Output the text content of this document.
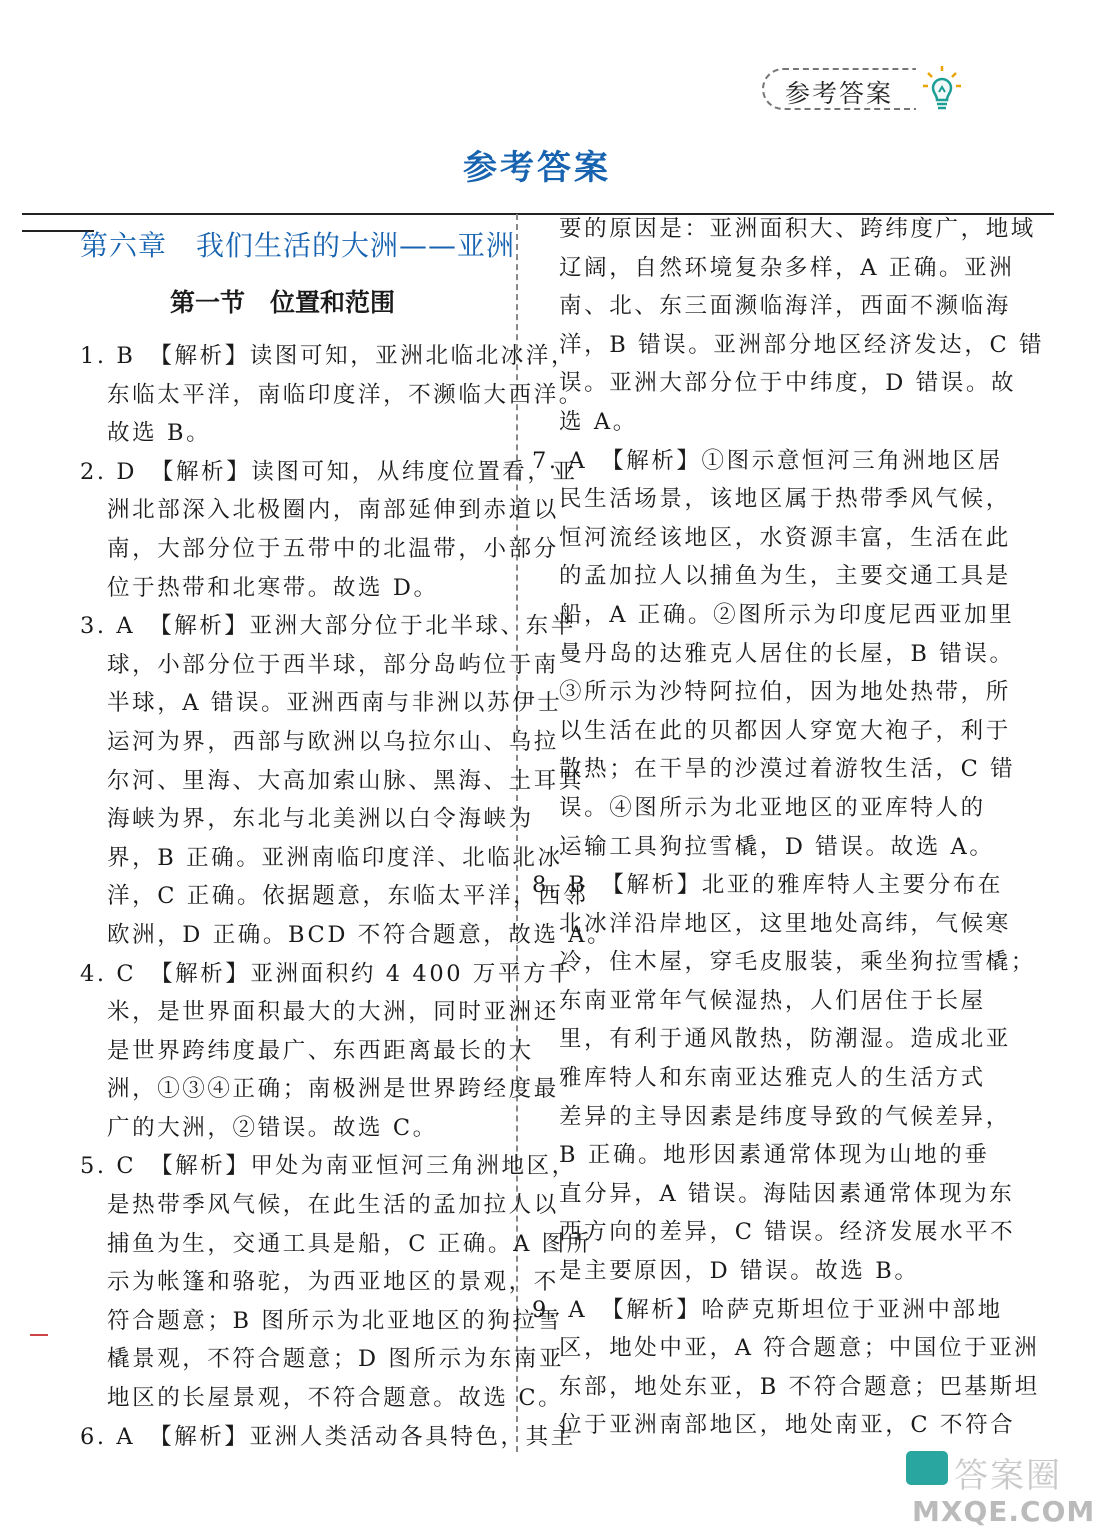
参考答案
参考答案
第六章　我们生活的大洲——亚洲
第一节　位置和范围
1. B　【解析】读图可知，亚洲北临北冰洋，
东临太平洋，南临印度洋，不濒临大西洋。
故选 B。
2. D　【解析】读图可知，从纬度位置看，亚
洲北部深入北极圈内，南部延伸到赤道以
南，大部分位于五带中的北温带，小部分
位于热带和北寒带。故选 D。
3. A　【解析】亚洲大部分位于北半球、东半
球，小部分位于西半球，部分岛屿位于南
半球，A 错误。亚洲西南与非洲以苏伊士
运河为界，西部与欧洲以乌拉尔山、乌拉
尔河、里海、大高加索山脉、黑海、土耳其
海峡为界，东北与北美洲以白令海峡为
界，B 正确。亚洲南临印度洋、北临北冰
洋，C 正确。依据题意，东临太平洋，西邻
欧洲，D 正确。BCD 不符合题意，故选 A。
4. C　【解析】亚洲面积约 4 400 万平方千
米，是世界面积最大的大洲，同时亚洲还
是世界跨纬度最广、东西距离最长的大
洲，①③④正确；南极洲是世界跨经度最
广的大洲，②错误。故选 C。
5. C　【解析】甲处为南亚恒河三角洲地区，
是热带季风气候，在此生活的孟加拉人以
捕鱼为生，交通工具是船，C 正确。A 图所
示为帐篷和骆驼，为西亚地区的景观，不
符合题意；B 图所示为北亚地区的狗拉雪
橇景观，不符合题意；D 图所示为东南亚
地区的长屋景观，不符合题意。故选 C。
6. A　【解析】亚洲人类活动各具特色，其主
要的原因是：亚洲面积大、跨纬度广，地域
辽阔，自然环境复杂多样，A 正确。亚洲
南、北、东三面濒临海洋，西面不濒临海
洋，B 错误。亚洲部分地区经济发达，C 错
误。亚洲大部分位于中纬度，D 错误。故
选 A。
7. A　【解析】①图示意恒河三角洲地区居
民生活场景，该地区属于热带季风气候，
恒河流经该地区，水资源丰富，生活在此
的孟加拉人以捕鱼为生，主要交通工具是
船，A 正确。②图所示为印度尼西亚加里
曼丹岛的达雅克人居住的长屋，B 错误。
③所示为沙特阿拉伯，因为地处热带，所
以生活在此的贝都因人穿宽大袍子，利于
散热；在干旱的沙漠过着游牧生活，C 错
误。④图所示为北亚地区的亚库特人的
运输工具狗拉雪橇，D 错误。故选 A。
8. B　【解析】北亚的雅库特人主要分布在
北冰洋沿岸地区，这里地处高纬，气候寒
冷，住木屋，穿毛皮服装，乘坐狗拉雪橇；
东南亚常年气候湿热，人们居住于长屋
里，有利于通风散热，防潮湿。造成北亚
雅库特人和东南亚达雅克人的生活方式
差异的主导因素是纬度导致的气候差异，
B 正确。地形因素通常体现为山地的垂
直分异，A 错误。海陆因素通常体现为东
西方向的差异，C 错误。经济发展水平不
是主要原因，D 错误。故选 B。
9. A　【解析】哈萨克斯坦位于亚洲中部地
区，地处中亚，A 符合题意；中国位于亚洲
东部，地处东亚，B 不符合题意；巴基斯坦
位于亚洲南部地区，地处南亚，C 不符合
答案圈
MXQE.COM
